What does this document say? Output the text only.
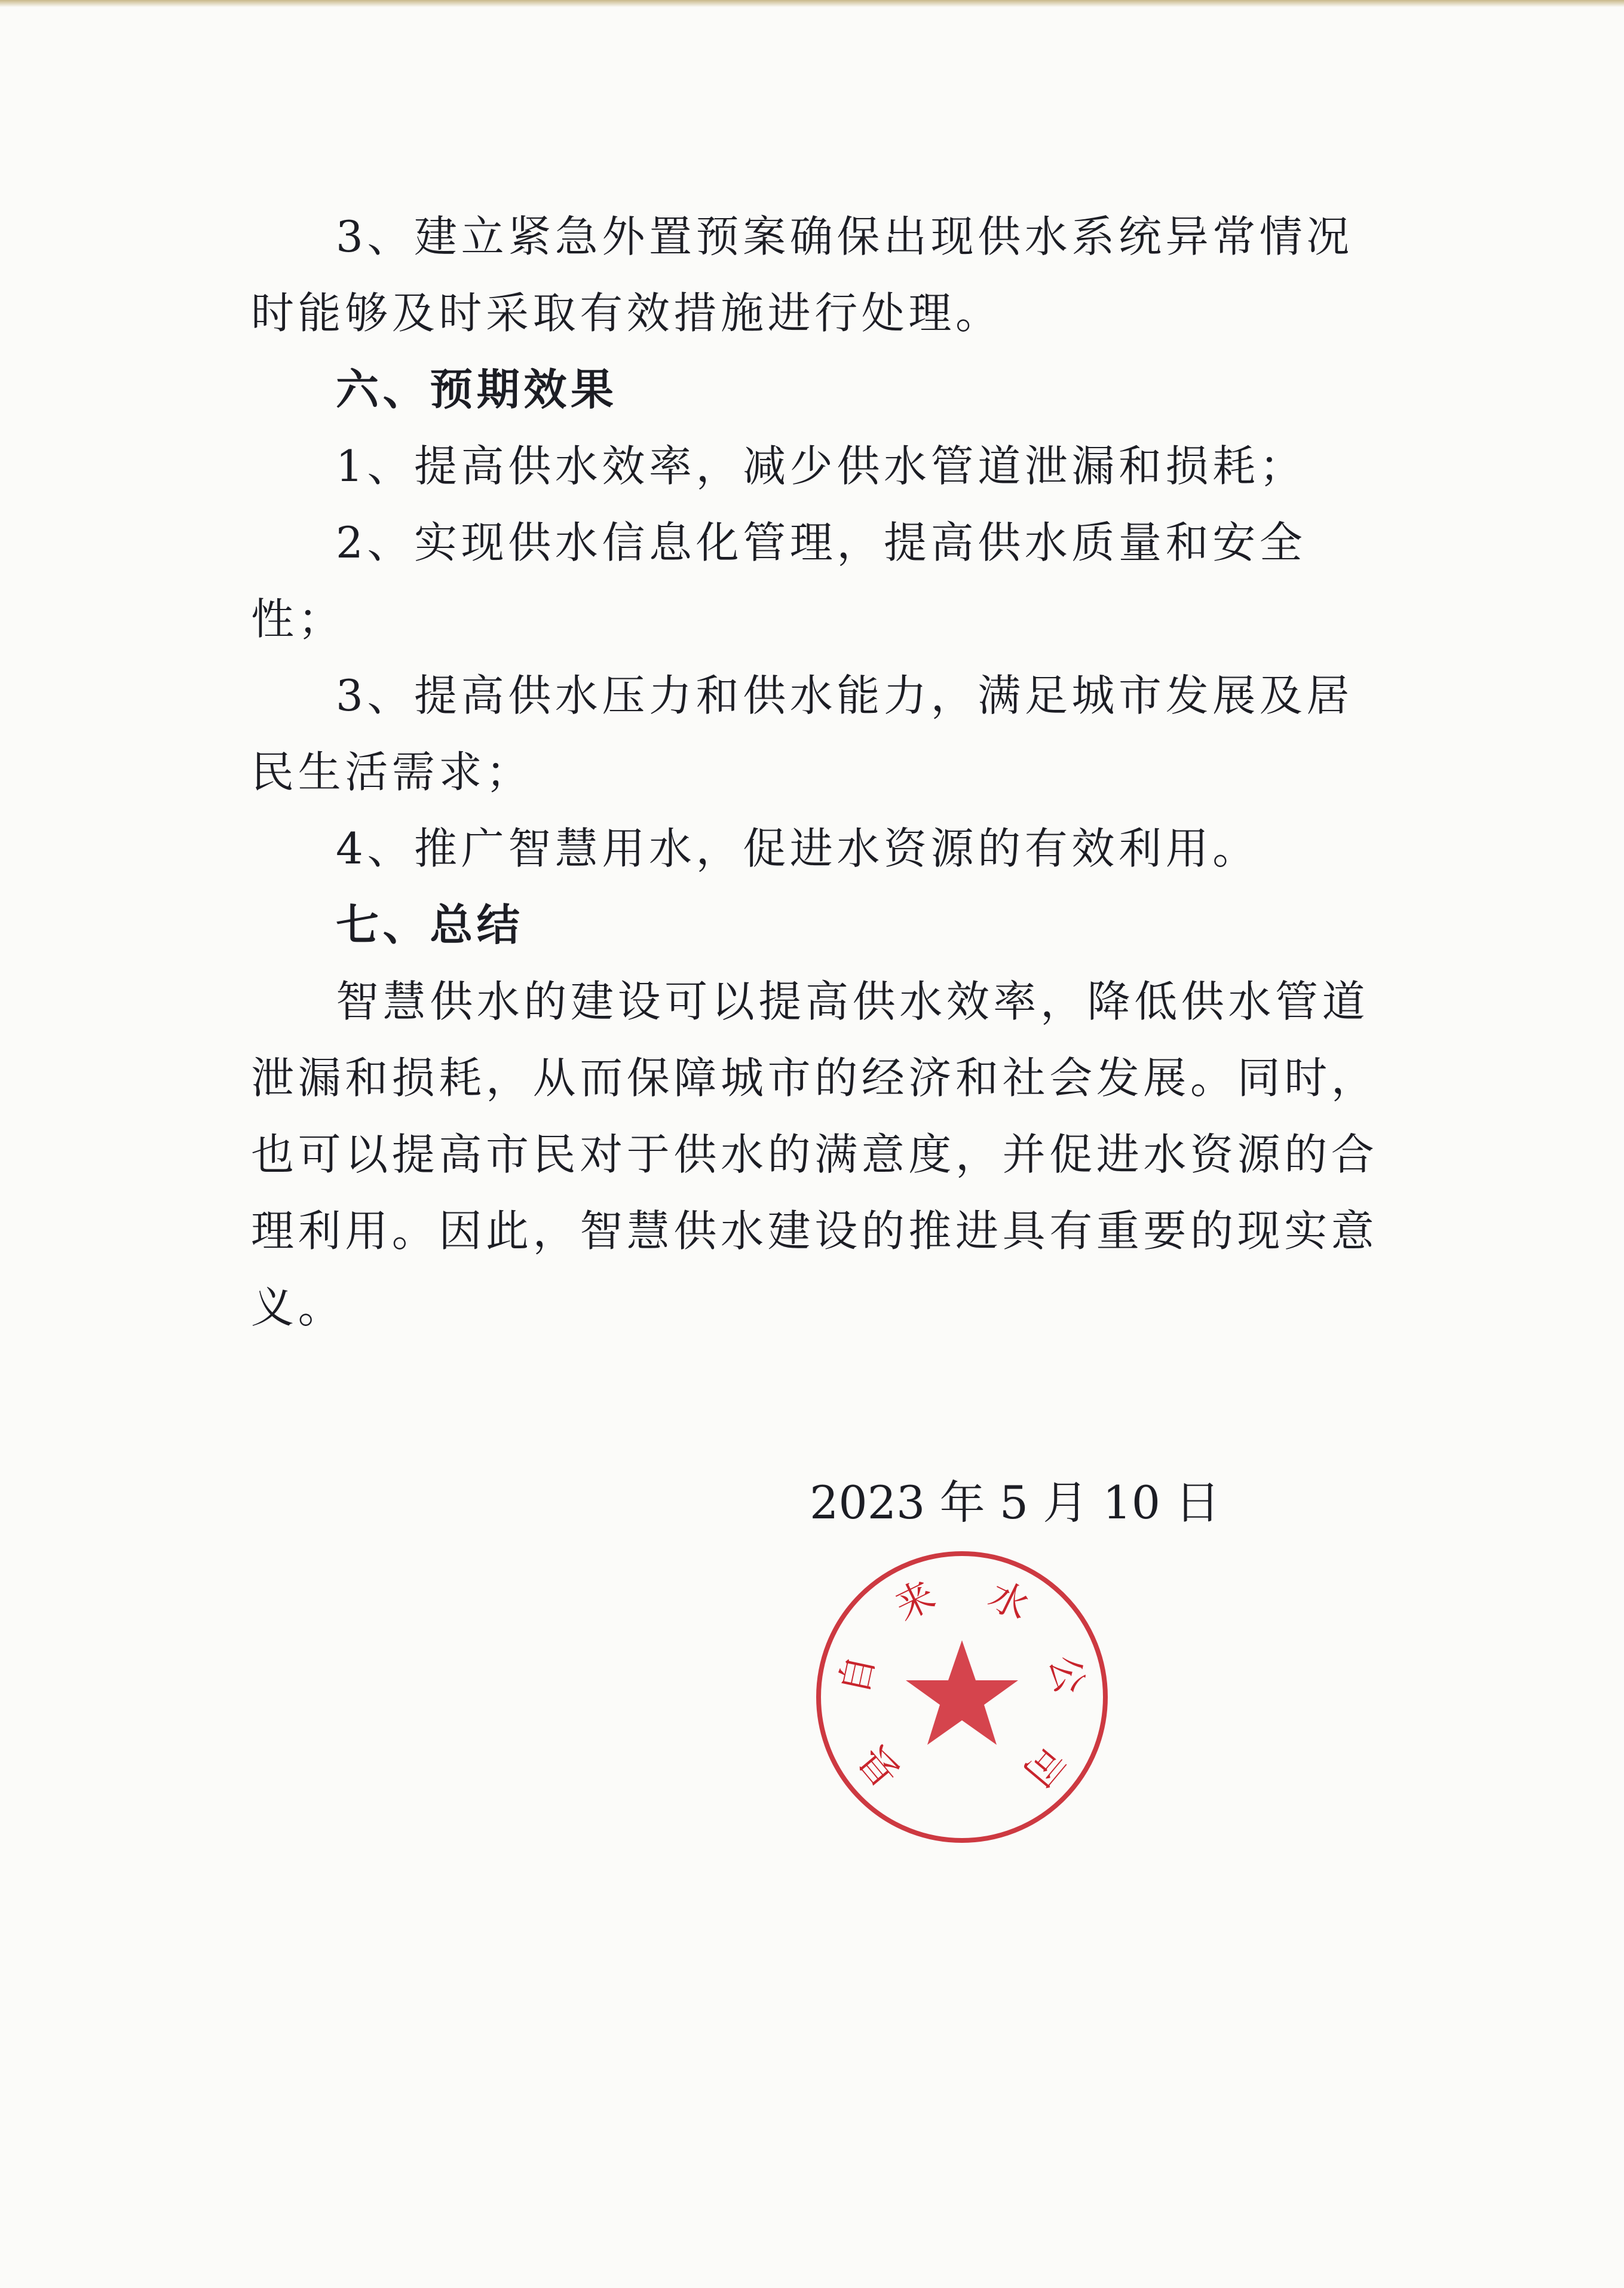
3、建立紧急外置预案确保出现供水系统异常情况时能够及时采取有效措施进行处理。

六、预期效果

1、提高供水效率，减少供水管道泄漏和损耗；

2、实现供水信息化管理，提高供水质量和安全性；

3、提高供水压力和供水能力，满足城市发展及居民生活需求；

4、推广智慧用水，促进水资源的有效利用。

七、总结

智慧供水的建设可以提高供水效率，降低供水管道泄漏和损耗，从而保障城市的经济和社会发展。同时，也可以提高市民对于供水的满意度，并促进水资源的合理利用。因此，智慧供水建设的推进具有重要的现实意义。

2023 年 5 月 10 日
县
自
来 水
公
司
